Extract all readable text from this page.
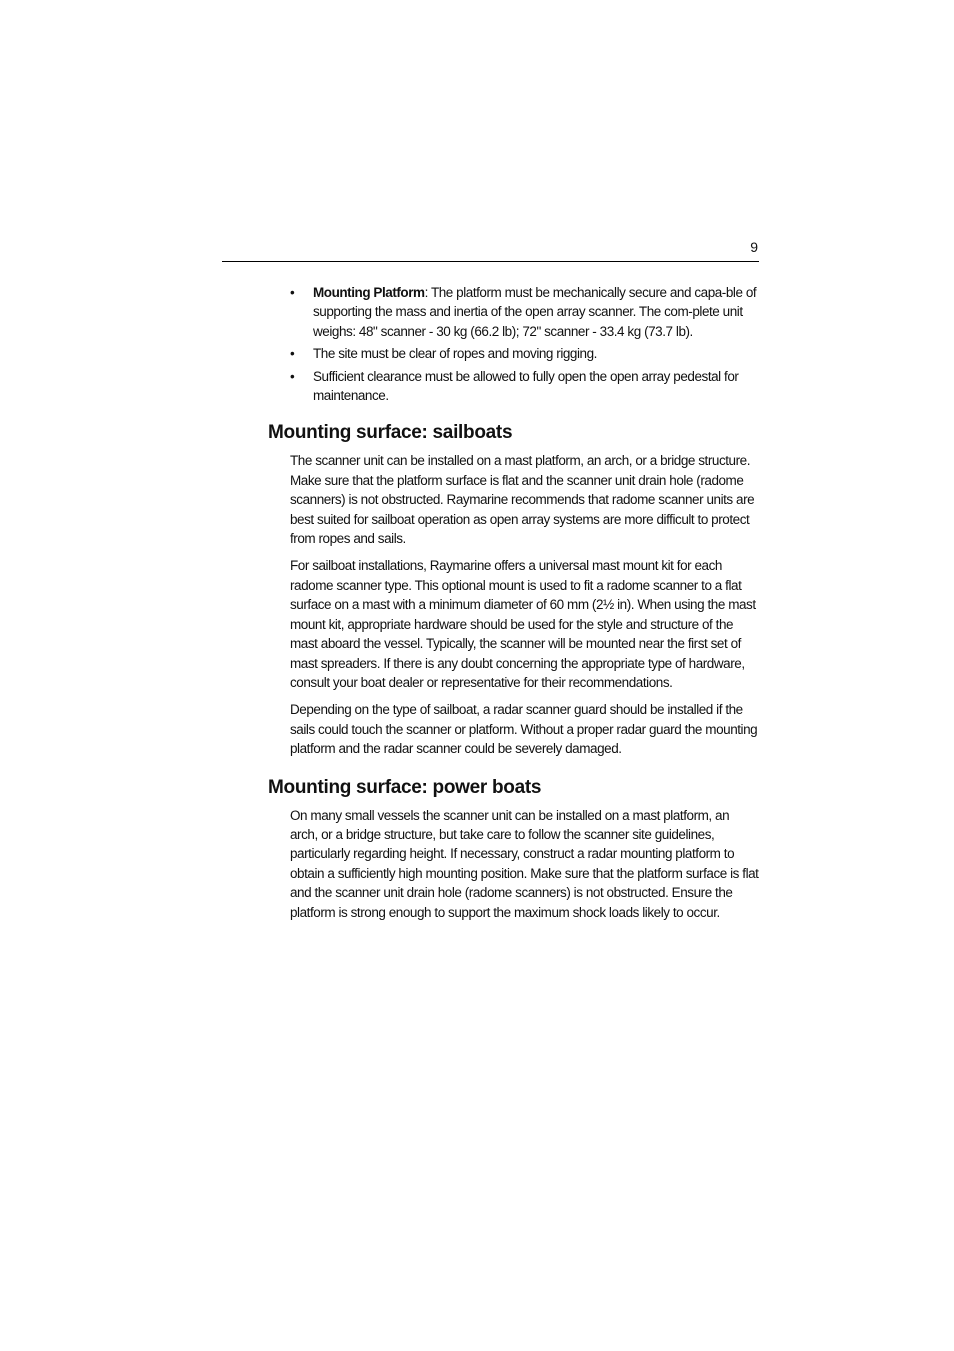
9
• Mounting Platform: The platform must be mechanically secure and capa-ble of supporting the mass and inertia of the open array scanner. The com-plete unit weighs: 48" scanner - 30 kg (66.2 lb); 72" scanner - 33.4 kg (73.7 lb).
• The site must be clear of ropes and moving rigging.
• Sufficient clearance must be allowed to fully open the open array pedestal for maintenance.
Mounting surface: sailboats

The scanner unit can be installed on a mast platform, an arch, or a bridge structure. Make sure that the platform surface is flat and the scanner unit drain hole (radome scanners) is not obstructed. Raymarine recommends that radome scanner units are best suited for sailboat operation as open array systems are more difficult to protect from ropes and sails.

For sailboat installations, Raymarine offers a universal mast mount kit for each radome scanner type. This optional mount is used to fit a radome scanner to a flat surface on a mast with a minimum diameter of 60 mm (2½ in). When using the mast mount kit, appropriate hardware should be used for the style and structure of the mast aboard the vessel. Typically, the scanner will be mounted near the first set of mast spreaders. If there is any doubt concerning the appropriate type of hardware, consult your boat dealer or representative for their recommendations.

Depending on the type of sailboat, a radar scanner guard should be installed if the sails could touch the scanner or platform. Without a proper radar guard the mounting platform and the radar scanner could be severely damaged.

Mounting surface: power boats

On many small vessels the scanner unit can be installed on a mast platform, an arch, or a bridge structure, but take care to follow the scanner site guidelines, particularly regarding height. If necessary, construct a radar mounting platform to obtain a sufficiently high mounting position. Make sure that the platform surface is flat and the scanner unit drain hole (radome scanners) is not obstructed. Ensure the platform is strong enough to support the maximum shock loads likely to occur.
